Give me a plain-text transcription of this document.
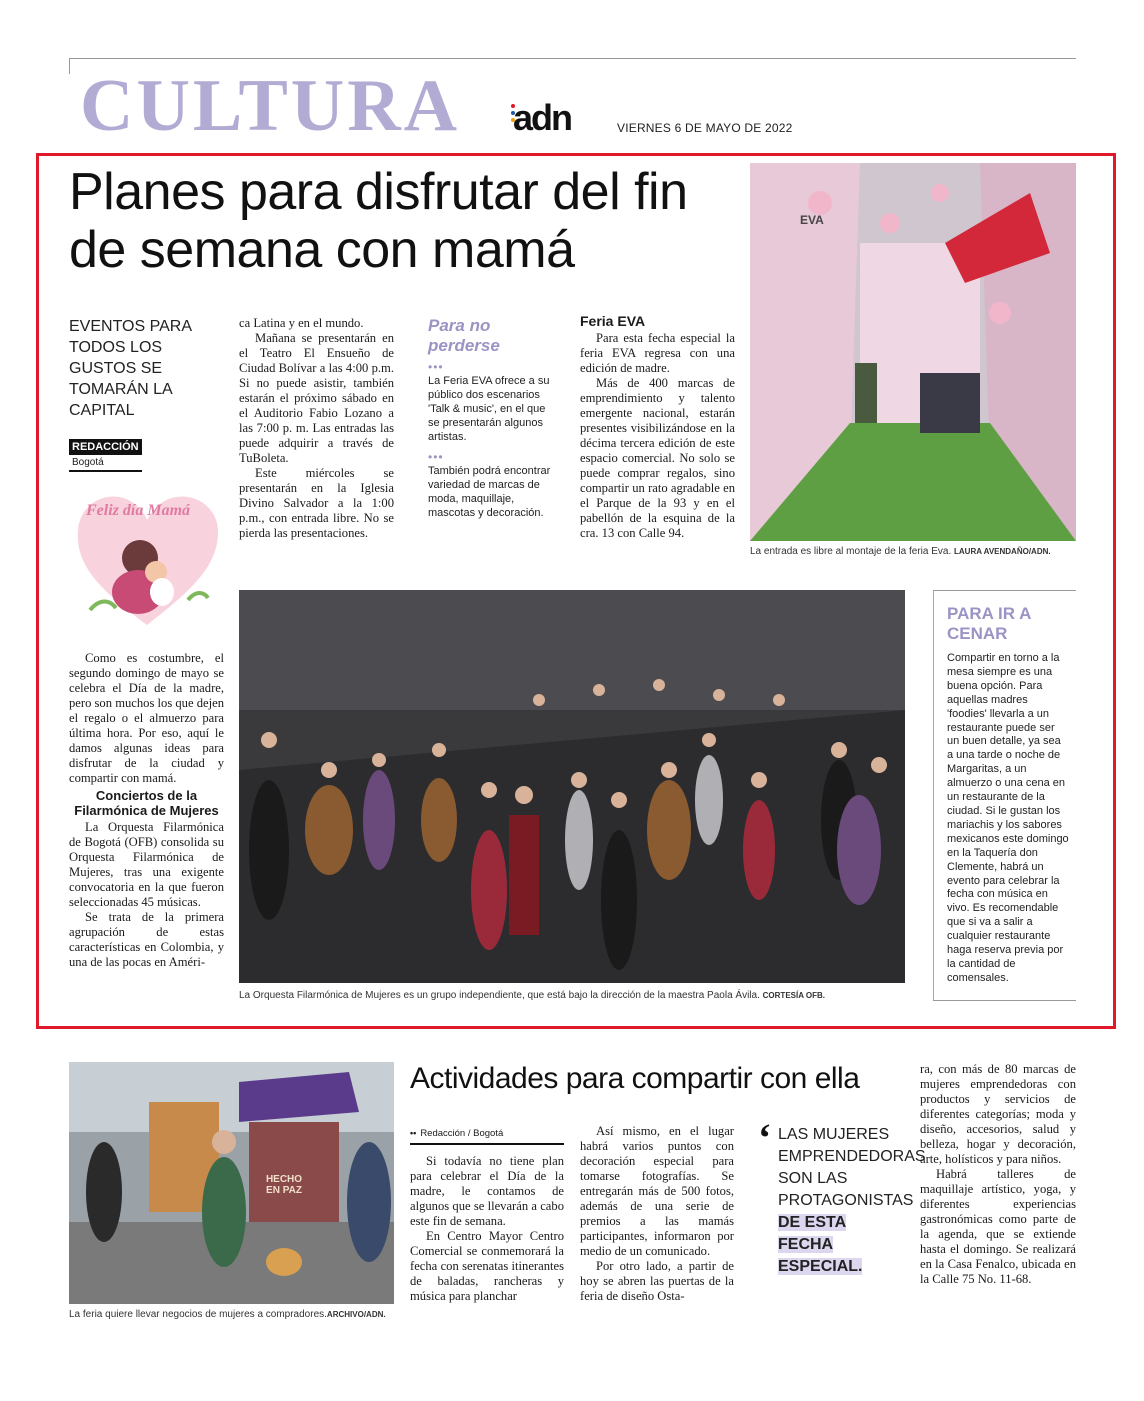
CULTURA adn	VIERNES 6 DE MAYO DE 2022
Planes para disfrutar del fin de semana con mamá
EVENTOS PARA TODOS LOS GUSTOS SE TOMARÁN LA CAPITAL
REDACCIÓN
Bogotá
Feliz día Mamá

Como es costumbre, el segundo domingo de mayo se celebra el Día de la madre, pero son muchos los que dejen el regalo o el almuerzo para última hora. Por eso, aquí le damos algunas ideas para disfrutar de la ciudad y compartir con mamá.

Conciertos de la Filarmónica de Mujeres

La Orquesta Filarmónica de Bogotá (OFB) consolida su Orquesta Filarmónica de Mujeres, tras una exigente convocatoria en la que fueron seleccionadas 45 músicas.

Se trata de la primera agrupación de estas características en Colombia, y una de las pocas en Améri-

ca Latina y en el mundo.

Mañana se presentarán en el Teatro El Ensueño de Ciudad Bolívar a las 4:00 p.m. Si no puede asistir, también estarán el próximo sábado en el Auditorio Fabio Lozano a las 7:00 p. m. Las entradas las puede adquirir a través de TuBoleta.

Este miércoles se presentarán en la Iglesia Divino Salvador a la 1:00 p.m., con entrada libre. No se pierda las presentaciones.

Para no perderse
•••
La Feria EVA ofrece a su público dos escenarios 'Talk & music', en el que se presentarán algunos artistas.
•••
También podrá encontrar variedad de marcas de moda, maquillaje, mascotas y decoración.
Feria EVA

Para esta fecha especial la feria EVA regresa con una edición de madre.

Más de 400 marcas de emprendimiento y talento emergente nacional, estarán presentes visibilizándose en la décima tercera edición de este espacio comercial. No solo se puede comprar regalos, sino compartir un rato agradable en el Parque de la 93 y en el pabellón de la esquina de la cra. 13 con Calle 94.

EVA
La entrada es libre al montaje de la feria Eva. LAURA AVENDAÑO/ADN.
La Orquesta Filarmónica de Mujeres es un grupo independiente, que está bajo la dirección de la maestra Paola Ávila. CORTESÍA OFB.
PARA IR A CENAR
Compartir en torno a la mesa siempre es una buena opción. Para aquellas madres 'foodies' llevarla a un restaurante puede ser un buen detalle, ya sea a una tarde o noche de Margaritas, a un almuerzo o una cena en un restaurante de la ciudad. Si le gustan los mariachis y los sabores mexicanos este domingo en la Taquería don Clemente, habrá un evento para celebrar la fecha con música en vivo. Es recomendable que si va a salir a cualquier restaurante haga reserva previa por la cantidad de comensales.
HECHO EN PAZ
La feria quiere llevar negocios de mujeres a compradores.ARCHIVO/ADN.
Actividades para compartir con ella
•• Redacción / Bogotá

Si todavía no tiene plan para celebrar el Día de la madre, le contamos de algunos que se llevarán a cabo este fin de semana.

En Centro Mayor Centro Comercial se conmemorará la fecha con serenatas itinerantes de baladas, rancheras y música para planchar

Así mismo, en el lugar habrá varios puntos con decoración especial para tomarse fotografías. Se entregarán más de 500 fotos, además de una serie de premios a las mamás participantes, informaron por medio de un comunicado.

Por otro lado, a partir de hoy se abren las puertas de la feria de diseño Osta-

‘ LAS MUJERES EMPRENDEDORAS SON LAS PROTAGONISTAS DE ESTA FECHA ESPECIAL.

ra, con más de 80 marcas de mujeres emprendedoras con productos y servicios de diferentes categorías; moda y diseño, accesorios, salud y belleza, hogar y decoración, arte, holísticos y para niños.

Habrá talleres de maquillaje artístico, yoga, y diferentes experiencias gastronómicas como parte de la agenda, que se extiende hasta el domingo. Se realizará en la Casa Fenalco, ubicada en la Calle 75 No. 11-68.
